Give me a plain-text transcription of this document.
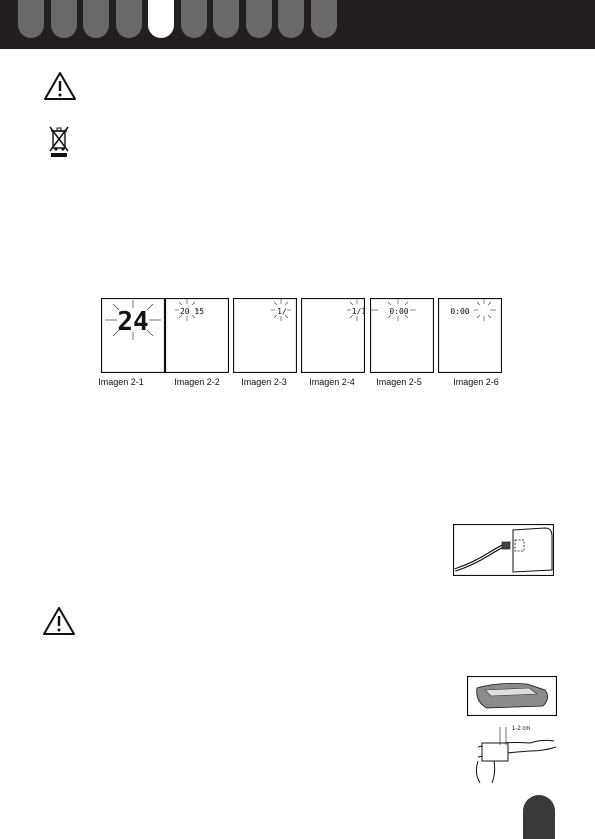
24	20 15	1/	1/1	0:00	0:00
Imagen 2-1	Imagen 2-2	Imagen 2-3	Imagen 2-4	Imagen 2-5	Imagen 2-6
1-2 cm
